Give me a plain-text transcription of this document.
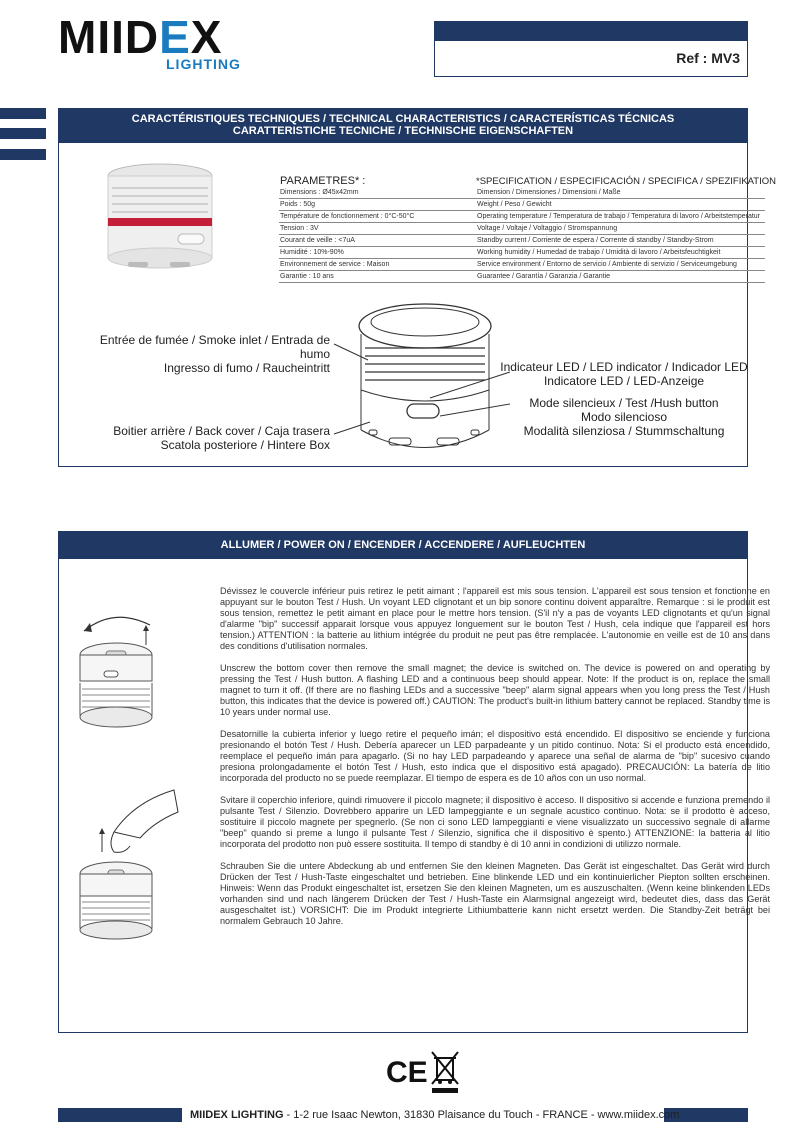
MIIDEX
LIGHTING	Ref : MV3
CARACTÉRISTIQUES TECHNIQUES / TECHNICAL CHARACTERISTICS / CARACTERÍSTICAS TÉCNICAS
CARATTERISTICHE TECNICHE / TECHNISCHE EIGENSCHAFTEN
PARAMETRES* :	*SPECIFICATION / ESPECIFICACIÓN / SPECIFICA / SPEZIFIKATION
Dimensions : Ø45x42mm	Dimension / Dimensiones / Dimensioni / Maße
Poids : 50g	Weight / Peso / Gewicht
Température de fonctionnement : 0°C-50°C	Operating temperature / Temperatura de trabajo / Temperatura di lavoro / Arbeitstemperatur
Tension : 3V	Voltage / Voltaje / Voltaggio / Stromspannung
Courant de veille : <7uA	Standby current / Corriente de espera / Corrente di standby / Standby-Strom
Humidité : 10%-90%	Working humidity / Humedad de trabajo / Umidità di lavoro / Arbeitsfeuchtigkeit
Environnement de service : Maison	Service environment / Entorno de servicio / Ambiente di servizio / Serviceumgebung
Garantie : 10 ans	Guarantee / Garantía / Garanzia / Garantie
Entrée de fumée / Smoke inlet / Entrada de humo
Ingresso di fumo / Raucheintritt
Boitier arrière / Back cover / Caja trasera
Scatola posteriore / Hintere Box
Indicateur LED / LED indicator / Indicador LED
Indicatore LED / LED-Anzeige
Mode silencieux / Test /Hush button
Modo silencioso
Modalità silenziosa / Stummschaltung
ALLUMER / POWER ON / ENCENDER / ACCENDERE / AUFLEUCHTEN

Dévissez le couvercle inférieur puis retirez le petit aimant ; l'appareil est mis sous tension. L'appareil est sous tension et fonctionne en appuyant sur le bouton Test / Hush. Un voyant LED clignotant et un bip sonore continu doivent apparaître. Remarque : si le produit est sous tension, remettez le petit aimant en place pour le mettre hors tension. (S'il n'y a pas de voyants LED clignotants et qu'un signal d'alarme "bip" successif apparait lorsque vous appuyez longuement sur le bouton Test / Hush, cela indique que l'appareil est hors tension.) ATTENTION : la batterie au lithium intégrée du produit ne peut pas être remplacée. L'autonomie en veille est de 10 ans dans des conditions d'utilisation normales.

Unscrew the bottom cover then remove the small magnet; the device is switched on. The device is powered on and operating by pressing the Test / Hush button. A flashing LED and a continuous beep should appear. Note: If the product is on, replace the small magnet to turn it off. (If there are no flashing LEDs and a successive "beep" alarm signal appears when you long press the Test / Hush button, this indicates that the device is powered off.) CAUTION: The product's built-in lithium battery cannot be replaced. Standby time is 10 years under normal use.

Desatornille la cubierta inferior y luego retire el pequeño imán; el dispositivo está encendido. El dispositivo se enciende y funciona presionando el botón Test / Hush. Debería aparecer un LED parpadeante y un pitido continuo. Nota: Si el producto está encendido, reemplace el pequeño imán para apagarlo. (Si no hay LED parpadeando y aparece una señal de alarma de "bip" sucesivo cuando presiona prolongadamente el botón Test / Hush, esto indica que el dispositivo está apagado). PRECAUCIÓN: La batería de litio incorporada del producto no se puede reemplazar. El tiempo de espera es de 10 años con un uso normal.

Svitare il coperchio inferiore, quindi rimuovere il piccolo magnete; il dispositivo è acceso. Il dispositivo si accende e funziona premendo il pulsante Test / Silenzio. Dovrebbero apparire un LED lampeggiante e un segnale acustico continuo. Nota: se il prodotto è acceso, sostituire il piccolo magnete per spegnerlo. (Se non ci sono LED lampeggianti e viene visualizzato un successivo segnale di allarme "beep" quando si preme a lungo il pulsante Test / Silenzio, significa che il dispositivo è spento.) ATTENZIONE: la batteria al litio incorporata del prodotto non può essere sostituita. Il tempo di standby è di 10 anni in condizioni di utilizzo normale.

Schrauben Sie die untere Abdeckung ab und entfernen Sie den kleinen Magneten. Das Gerät ist eingeschaltet. Das Gerät wird durch Drücken der Test / Hush-Taste eingeschaltet und betrieben. Eine blinkende LED und ein kontinuierlicher Piepton sollten erscheinen. Hinweis: Wenn das Produkt eingeschaltet ist, ersetzen Sie den kleinen Magneten, um es auszuschalten. (Wenn keine blinkenden LEDs vorhanden sind und nach längerem Drücken der Test / Hush-Taste ein Alarmsignal angezeigt wird, bedeutet dies, dass das Gerät ausgeschaltet ist.) VORSICHT: Die im Produkt integrierte Lithiumbatterie kann nicht ersetzt werden. Die Standby-Zeit beträgt bei normalem Gebrauch 10 Jahre.

CE
MIIDEX LIGHTING - 1-2 rue Isaac Newton, 31830 Plaisance du Touch - FRANCE - www.miidex.com
